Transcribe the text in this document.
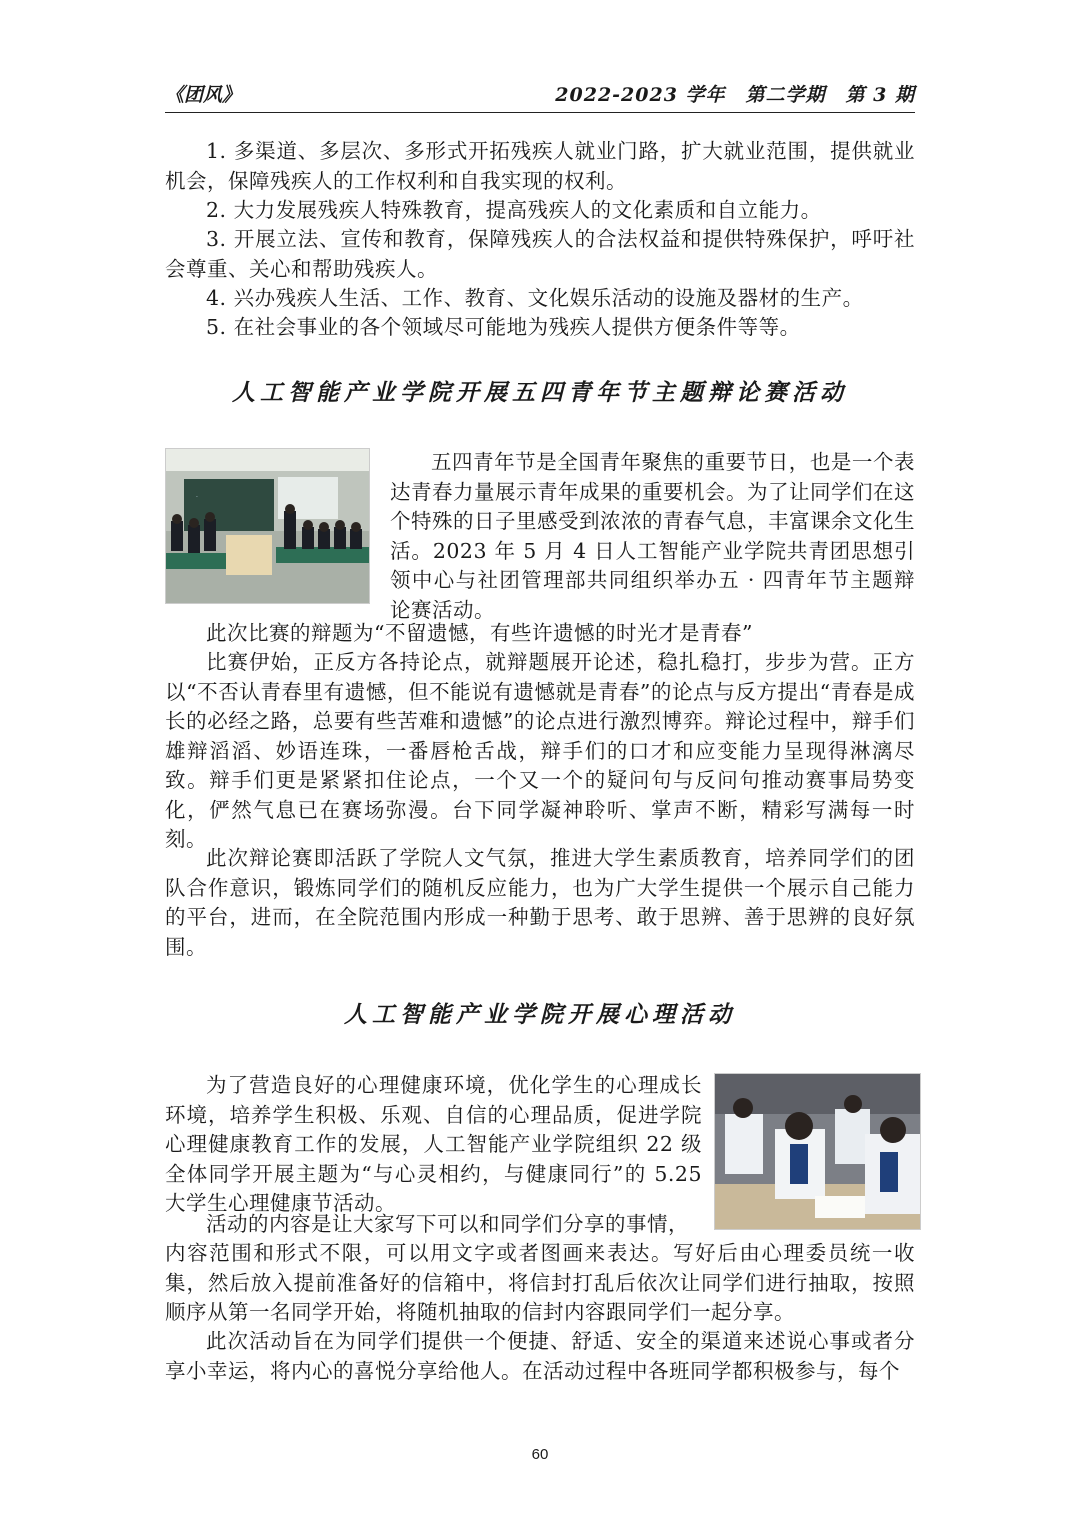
《团风》	2022-2023 学年　第二学期　第 3 期

1. 多渠道、多层次、多形式开拓残疾人就业门路，扩大就业范围，提供就业机会，保障残疾人的工作权利和自我实现的权利。

2. 大力发展残疾人特殊教育，提高残疾人的文化素质和自立能力。

3. 开展立法、宣传和教育，保障残疾人的合法权益和提供特殊保护，呼吁社会尊重、关心和帮助残疾人。

4. 兴办残疾人生活、工作、教育、文化娱乐活动的设施及器材的生产。

5. 在社会事业的各个领域尽可能地为残疾人提供方便条件等等。

人工智能产业学院开展五四青年节主题辩论赛活动
.

五四青年节是全国青年聚焦的重要节日，也是一个表达青春力量展示青年成果的重要机会。为了让同学们在这个特殊的日子里感受到浓浓的青春气息，丰富课余文化生活。2023 年 5 月 4 日人工智能产业学院共青团思想引领中心与社团管理部共同组织举办五 · 四青年节主题辩论赛活动。

此次比赛的辩题为“不留遗憾，有些许遗憾的时光才是青春”

比赛伊始，正反方各持论点，就辩题展开论述，稳扎稳打，步步为营。正方以“不否认青春里有遗憾，但不能说有遗憾就是青春”的论点与反方提出“青春是成长的必经之路，总要有些苦难和遗憾”的论点进行激烈博弈。辩论过程中，辩手们雄辩滔滔、妙语连珠，一番唇枪舌战，辩手们的口才和应变能力呈现得淋漓尽致。辩手们更是紧紧扣住论点，一个又一个的疑问句与反问句推动赛事局势变化，俨然气息已在赛场弥漫。台下同学凝神聆听、掌声不断，精彩写满每一时刻。

此次辩论赛即活跃了学院人文气氛，推进大学生素质教育，培养同学们的团队合作意识，锻炼同学们的随机反应能力，也为广大学生提供一个展示自己能力的平台，进而，在全院范围内形成一种勤于思考、敢于思辨、善于思辨的良好氛围。

人工智能产业学院开展心理活动

为了营造良好的心理健康环境，优化学生的心理成长环境，培养学生积极、乐观、自信的心理品质，促进学院心理健康教育工作的发展，人工智能产业学院组织 22 级全体同学开展主题为“与心灵相约，与健康同行”的 5.25 大学生心理健康节活动。

活动的内容是让大家写下可以和同学们分享的事情，

内容范围和形式不限，可以用文字或者图画来表达。写好后由心理委员统一收集，然后放入提前准备好的信箱中，将信封打乱后依次让同学们进行抽取，按照顺序从第一名同学开始，将随机抽取的信封内容跟同学们一起分享。

此次活动旨在为同学们提供一个便捷、舒适、安全的渠道来述说心事或者分享小幸运，将内心的喜悦分享给他人。在活动过程中各班同学都积极参与，每个

60
